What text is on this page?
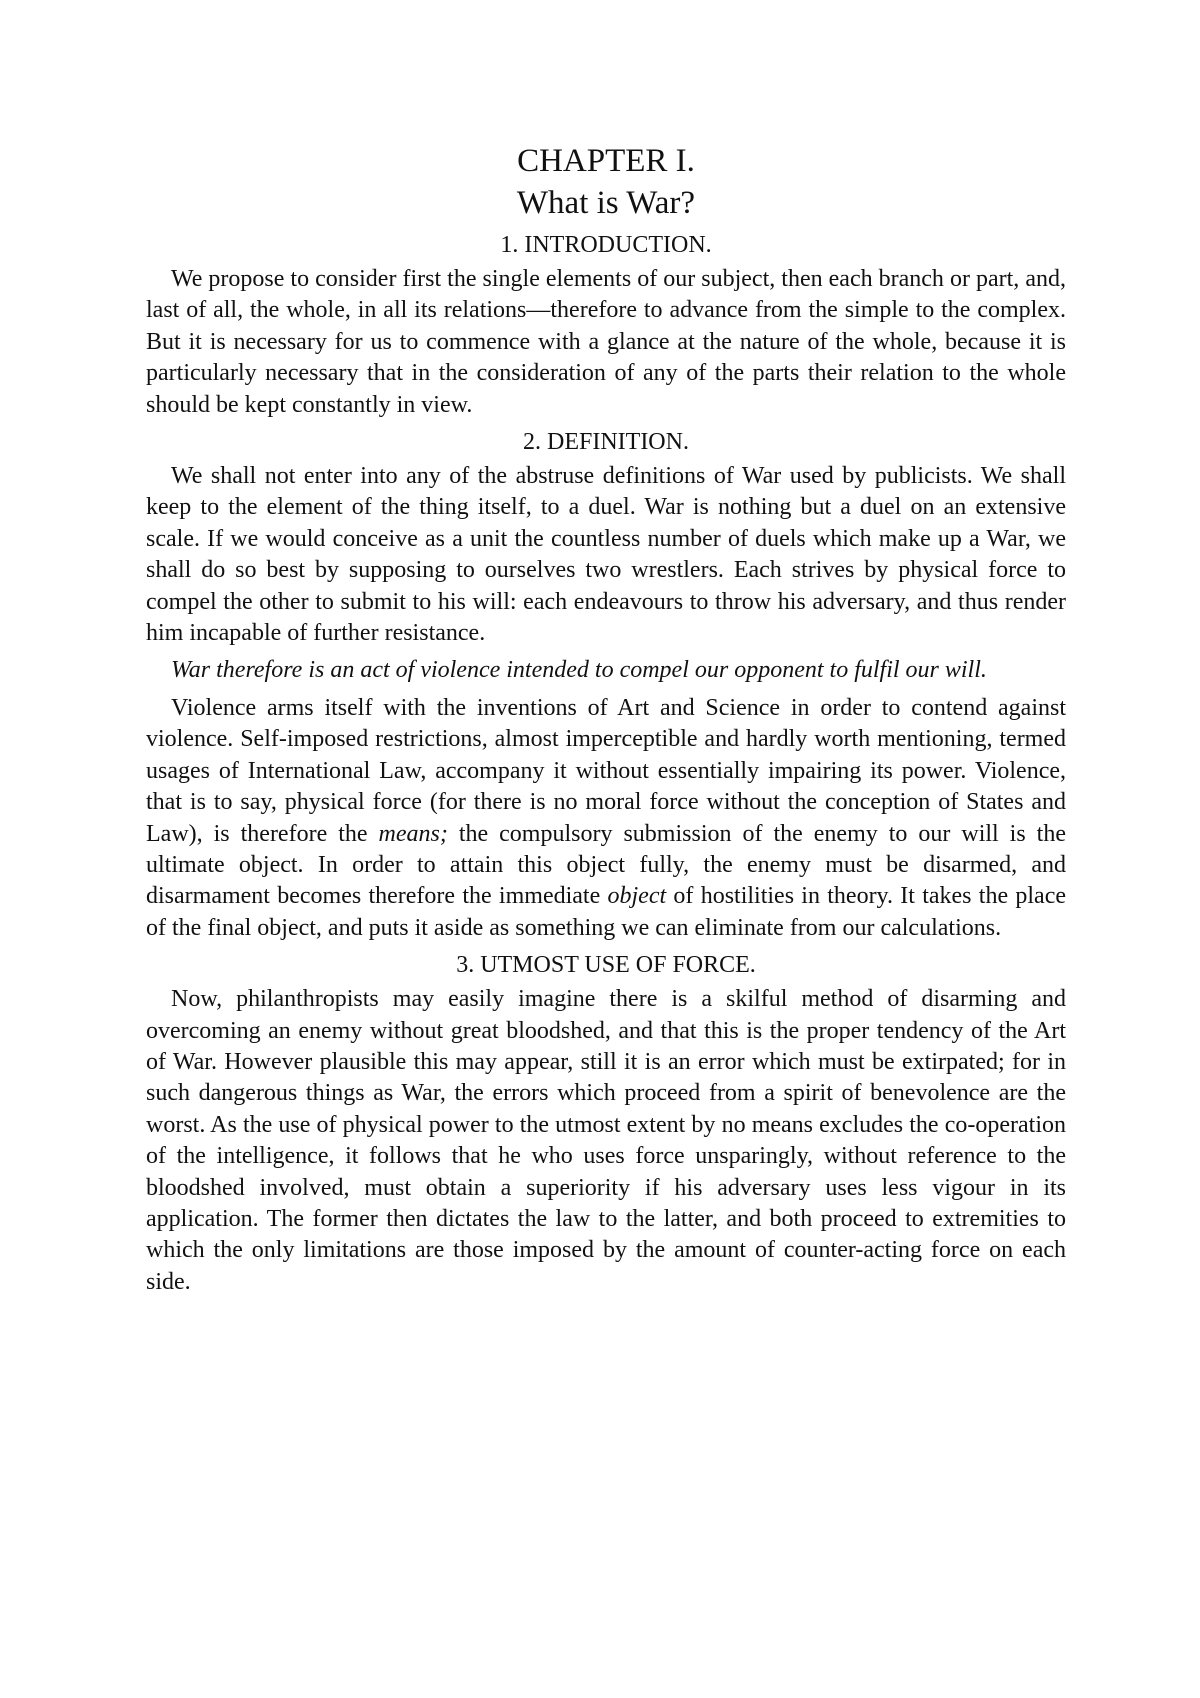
CHAPTER I.
What is War?
1. INTRODUCTION.

We propose to consider first the single elements of our subject, then each branch or part, and, last of all, the whole, in all its relations—therefore to advance from the simple to the complex. But it is necessary for us to commence with a glance at the nature of the whole, because it is particularly necessary that in the consideration of any of the parts their relation to the whole should be kept constantly in view.

2. DEFINITION.

We shall not enter into any of the abstruse definitions of War used by publicists. We shall keep to the element of the thing itself, to a duel. War is nothing but a duel on an extensive scale. If we would conceive as a unit the countless number of duels which make up a War, we shall do so best by supposing to ourselves two wrestlers. Each strives by physical force to compel the other to submit to his will: each endeavours to throw his adversary, and thus render him incapable of further resistance.

War therefore is an act of violence intended to compel our opponent to fulfil our will.

Violence arms itself with the inventions of Art and Science in order to contend against violence. Self-imposed restrictions, almost imperceptible and hardly worth mentioning, termed usages of International Law, accompany it without essentially impairing its power. Violence, that is to say, physical force (for there is no moral force without the conception of States and Law), is therefore the means; the compulsory submission of the enemy to our will is the ultimate object. In order to attain this object fully, the enemy must be disarmed, and disarmament becomes therefore the immediate object of hostilities in theory. It takes the place of the final object, and puts it aside as something we can eliminate from our calculations.

3. UTMOST USE OF FORCE.

Now, philanthropists may easily imagine there is a skilful method of disarming and overcoming an enemy without great bloodshed, and that this is the proper tendency of the Art of War. However plausible this may appear, still it is an error which must be extirpated; for in such dangerous things as War, the errors which proceed from a spirit of benevolence are the worst. As the use of physical power to the utmost extent by no means excludes the co-operation of the intelligence, it follows that he who uses force unsparingly, without reference to the bloodshed involved, must obtain a superiority if his adversary uses less vigour in its application. The former then dictates the law to the latter, and both proceed to extremities to which the only limitations are those imposed by the amount of counter-acting force on each side.
